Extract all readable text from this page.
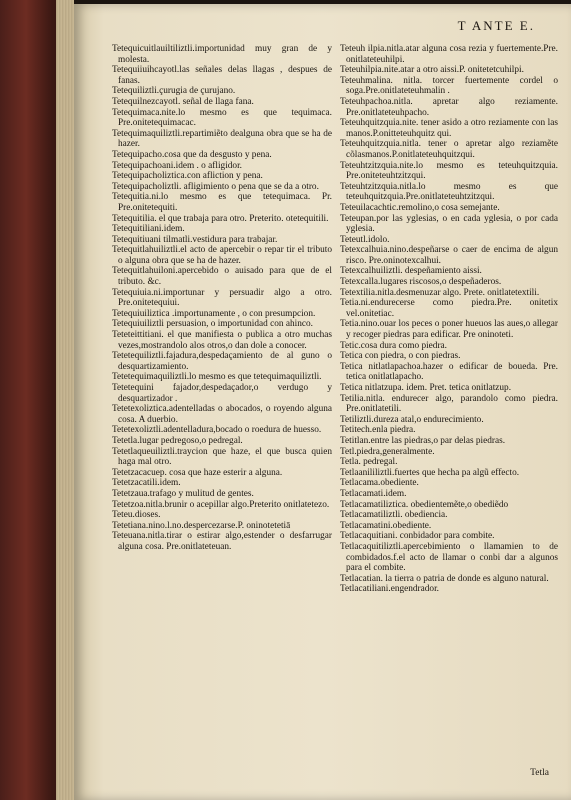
T ANTE E.

Tetequicuitlauiltiliztli.importunidad muy gran de y molesta.

Tetequiiuihcayotl.las señales delas llagas , despues de fanas.

Tetequiliztli.çurugia de çurujano.

Tetequilnezcayotl. señal de llaga fana.

Tetequimaca.nite.lo mesmo es que tequimaca. Pre.onitetequimacac.

Tetequimaquiliztli.repartimiẽto dealguna obra que se ha de hazer.

Tetequipacho.cosa que da desgusto y pena.

Tetequipachoani.idem . o afligidor.

Tetequipacholiztica.con afliction y pena.

Tetequipacholiztli. afligimiento o pena que se da a otro.

Tetequitia.ni.lo mesmo es que tetequimaca. Pr. Pre.onitetequiti.

Tetequitilia. el que trabaja para otro. Preterito. otetequitili.

Tetequitiliani.idem.

Tetequitiuani tilmatli.vestidura para trabajar.

Tetequitlahuiliztli.el acto de apercebir o repar tir el tributo o alguna obra que se ha de hazer.

Tetequitlahuiloni.apercebido o auisado para que de el tributo. &c.

Tetequiuia.ni.importunar y persuadir algo a otro. Pre.onitetequiui.

Tetequiuiliztica .importunamente , o con presumpcion.

Tetequiuiliztli persuasion, o importunidad con ahinco.

Teteteittitiani. el que manifiesta o publica a otro muchas vezes,mostrandolo alos otros,o dan dole a conocer.

Tetetequiliztli.fajadura,despedaçamiento de al guno o desquartizamiento.

Tetetequimaquiliztli.lo mesmo es que tetequimaquiliztli.

Tetetequini fajador,despedaçador,o verdugo y desquartizador .

Tetetexoliztica.adentelladas o abocados, o royendo alguna cosa. A duerbio.

Tetetexoliztli.adentelladura,bocado o roedura de huesso.

Tetetla.lugar pedregoso,o pedregal.

Tetetlaqueuiliztli.traycion que haze, el que busca quien haga mal otro.

Tetetzacacuep. cosa que haze esterir a alguna.

Tetetzacatili.idem.

Tetetzaua.trafago y mulitud de gentes.

Tetetzoa.nitla.brunir o acepillar algo.Preterito onitlatetezo.

Teteu.dioses.

Tetetiana.nino.l.no.despercezarse.P. oninotetetiā

Teteuana.nitla.tirar o estirar algo,estender o desfarrugar alguna cosa. Pre.onitlateteuan.

Teteuh ilpia.nitla.atar alguna cosa rezia y fuertemente.Pre. onitlateteuhilpi.

Teteuhilpia.nite.atar a otro aissi.P. onitetetcuhilpi.

Teteuhmalina. nitla. torcer fuertemente cordel o soga.Pre.onitlateteuhmalin .

Teteuhpachoa.nitla. apretar algo reziamente. Pre.onitlateteuhpacho.

Teteuhquitzquia.nite. tener asido a otro reziamente con las manos.P.onitteteuhquitz qui.

Teteuhquitzquia.nitla. tener o apretar algo reziamẽte cõlasmanos.P.onitlateteuhquitzqui.

Teteuhtzitzquia.nite.lo mesmo es teteuhquitzquia. Pre.oniteteuhtzitzqui.

Teteuhtzitzquia.nitla.lo mesmo es que teteuhquitzquia.Pre.onitlateteuhtzitzqui.

Teteuilacachtic.remolino,o cosa semejante.

Teteupan.por las yglesias, o en cada yglesia, o por cada yglesia.

Teteutl.idolo.

Tetexcalhuia.nino.despeñarse o caer de encima de algun risco. Pre.oninotexcalhui.

Tetexcalhuiliztli. despeñamiento aissi.

Tetexcalla.lugares riscosos,o despeñaderos.

Tetextilia.nitla.desmenuzar algo. Prete. onitlatetextili.

Tetia.ni.endurecerse como piedra.Pre. onitetix vel.onitetiac.

Tetia.nino.ouar los peces o poner hueuos las aues,o allegar y recoger piedras para edificar. Pre oninoteti.

Tetic.cosa dura como piedra.

Tetica con piedra, o con piedras.

Tetica nitlatlapachoa.hazer o edificar de boueda. Pre. tetica onitlatlapacho.

Tetica nitlatzupa. idem. Pret. tetica onitlatzup.

Tetilia.nitla. endurecer algo, parandolo como piedra. Pre.onitlatetili.

Tetiliztli.dureza atal,o endurecimiento.

Tetitech.enla piedra.

Tetitlan.entre las piedras,o par delas piedras.

Tetl.piedra,generalmente.

Tetla. pedregal.

Tetlaanililiztli.fuertes que hecha pa algũ effecto.

Tetlacama.obediente.

Tetlacamati.idem.

Tetlacamatiliztica. obedientemẽte,o obediẽdo

Tetlacamatiliztli. obediencia.

Tetlacamatini.obediente.

Tetlacaquitiani. conbidador para combite.

Tetlacaquitiliztli.apercebimiento o llamamien to de combidados.f.el acto de llamar o conbi dar a algunos para el combite.

Tetlacatian. la tierra o patria de donde es alguno natural.

Tetlacatiliani.engendrador.

Tetla
